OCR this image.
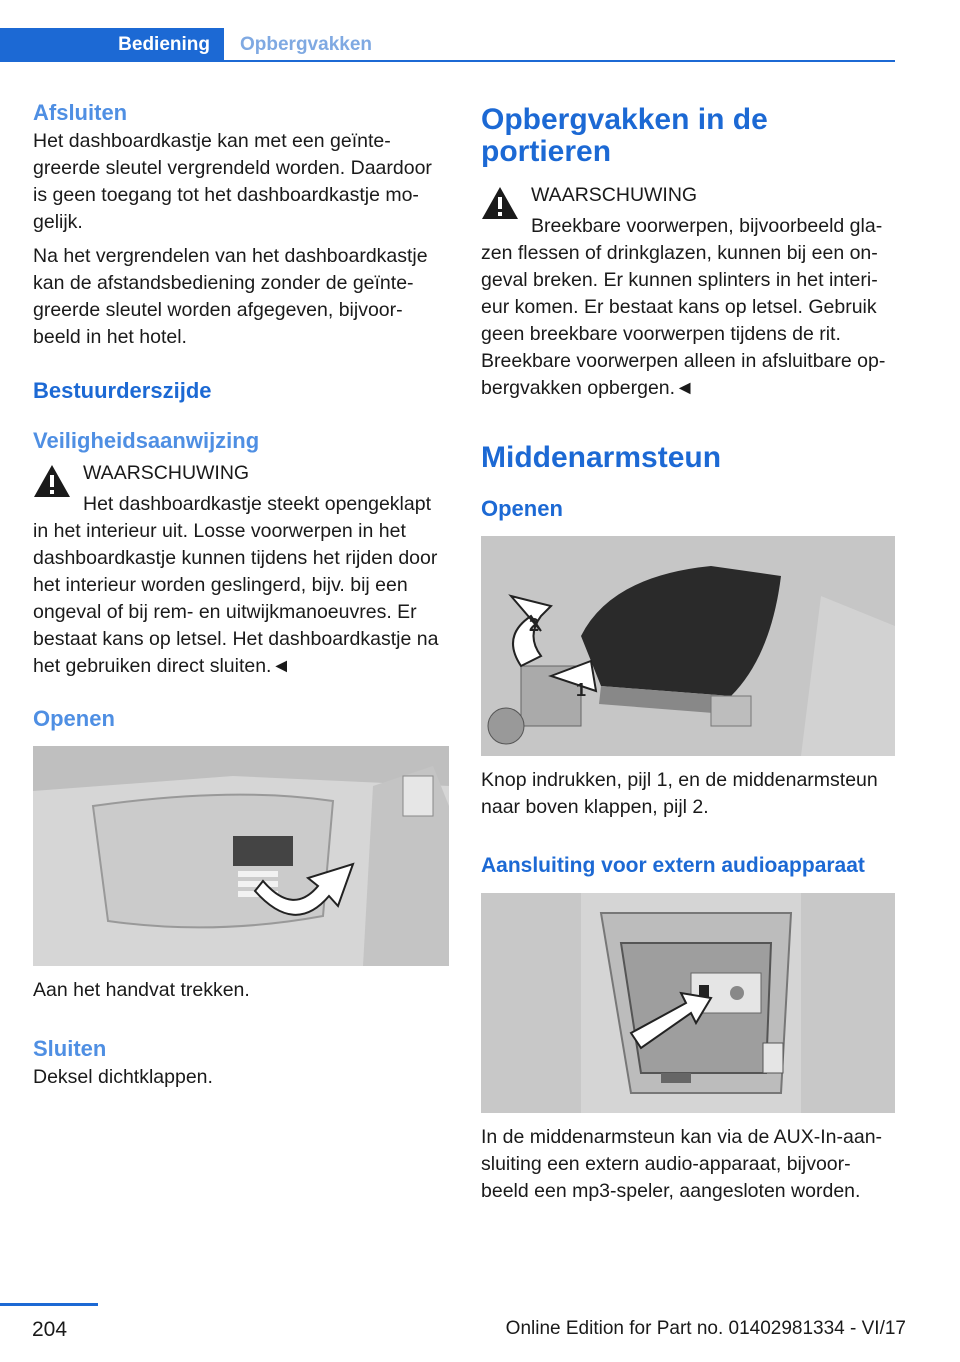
Bediening	Opbergvakken
Afsluiten

Het dashboardkastje kan met een geïnte- greerde sleutel vergrendeld worden. Daardoor is geen toegang tot het dashboardkastje mo- gelijk.

Na het vergrendelen van het dashboardkastje kan de afstandsbediening zonder de geïnte- greerde sleutel worden afgegeven, bijvoor- beeld in het hotel.

Bestuurderszijde
Veiligheidsaanwijzing

WAARSCHUWING

Het dashboardkastje steekt opengeklapt in het interieur uit. Losse voorwerpen in het dashboardkastje kunnen tijdens het rijden door het interieur worden geslingerd, bijv. bij een ongeval of bij rem- en uitwijkmanoeuvres. Er bestaat kans op letsel. Het dashboardkastje na het gebruiken direct sluiten.◄

Openen

Aan het handvat trekken.

Sluiten

Deksel dichtklappen.

Opbergvakken in de portieren

WAARSCHUWING

Breekbare voorwerpen, bijvoorbeeld gla- zen flessen of drinkglazen, kunnen bij een on- geval breken. Er kunnen splinters in het interi- eur komen. Er bestaat kans op letsel. Gebruik geen breekbare voorwerpen tijdens de rit. Breekbare voorwerpen alleen in afsluitbare op- bergvakken opbergen.◄

Middenarmsteun
Openen
1
2

Knop indrukken, pijl 1, en de middenarmsteun naar boven klappen, pijl 2.

Aansluiting voor extern audioapparaat

In de middenarmsteun kan via de AUX-In-aan- sluiting een extern audio-apparaat, bijvoor- beeld een mp3-speler, aangesloten worden.

204	Online Edition for Part no. 01402981334 - VI/17
